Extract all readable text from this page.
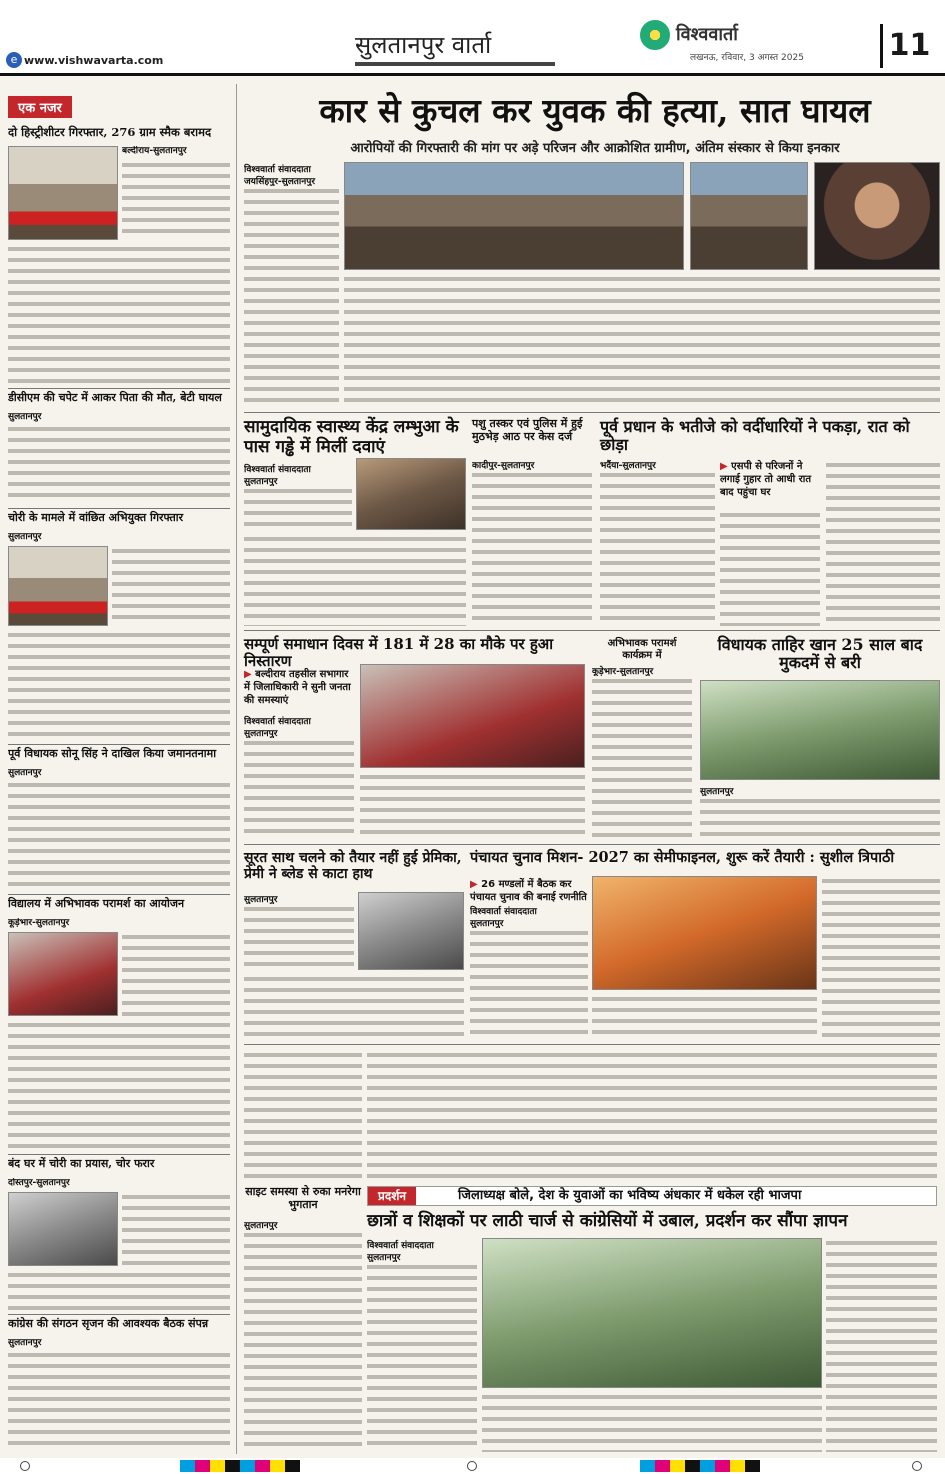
सुलतानपुर वार्ता	विश्ववार्ता
लखनऊ, रविवार, 3 अगस्त 2025	11
e www.vishwavarta.com
एक नजर
दो हिस्ट्रीशीटर गिरफ्तार, 276 ग्राम स्मैक बरामद
बल्दीराय-सुलतानपुर
डीसीएम की चपेट में आकर पिता की मौत, बेटी घायल
सुलतानपुर
चोरी के मामले में वांछित अभियुक्त गिरफ्तार
सुलतानपुर
पूर्व विधायक सोनू सिंह ने दाखिल किया जमानतनामा
सुलतानपुर
विद्यालय में अभिभावक परामर्श का आयोजन
कूड़ेभार-सुलतानपुर
बंद घर में चोरी का प्रयास, चोर फरार
दोस्तपुर-सुलतानपुर
कांग्रेस की संगठन सृजन की आवश्यक बैठक संपन्न
सुलतानपुर
कार से कुचल कर युवक की हत्या, सात घायल
आरोपियों की गिरफ्तारी की मांग पर अड़े परिजन और आक्रोशित ग्रामीण, अंतिम संस्कार से किया इनकार
विश्ववार्ता संवाददाता
जयसिंहपुर-सुलतानपुर
सामुदायिक स्वास्थ्य केंद्र लम्भुआ के पास गड्ढे में मिलीं दवाएं
विश्ववार्ता संवाददाता
सुलतानपुर
पशु तस्कर एवं पुलिस में हुई मुठभेड़ आठ पर केस दर्ज
कादीपुर-सुलतानपुर
पूर्व प्रधान के भतीजे को वर्दीधारियों ने पकड़ा, रात को छोड़ा
भदैंया-सुलतानपुर
▶	एसपी से परिजनों ने लगाई गुहार तो आधी रात बाद पहुंचा घर
सम्पूर्ण समाधान दिवस में 181 में 28 का मौके पर हुआ निस्तारण
▶ बल्दीराय तहसील सभागार में जिलाधिकारी ने सुनी जनता की समस्याएं
विश्ववार्ता संवाददाता
सुलतानपुर
अभिभावक परामर्श कार्यक्रम में
कूड़ेभार-सुलतानपुर
विधायक ताहिर खान 25 साल बाद मुकदमें से बरी
सुलतानपुर
सूरत साथ चलने को तैयार नहीं हुई प्रेमिका, प्रेमी ने ब्लेड से काटा हाथ
सुलतानपुर
पंचायत चुनाव मिशन- 2027 का सेमीफाइनल, शुरू करें तैयारी : सुशील त्रिपाठी
▶ 26 मण्डलों में बैठक कर पंचायत चुनाव की बनाई रणनीति
विश्ववार्ता संवाददाता
सुलतानपुर
साइट समस्या से रुका मनरेगा भुगतान
सुलतानपुर
प्रदर्शन	जिलाध्यक्ष बोले, देश के युवाओं का भविष्य अंधकार में धकेल रही भाजपा
छात्रों व शिक्षकों पर लाठी चार्ज से कांग्रेसियों में उबाल, प्रदर्शन कर सौंपा ज्ञापन
विश्ववार्ता संवाददाता
सुलतानपुर
